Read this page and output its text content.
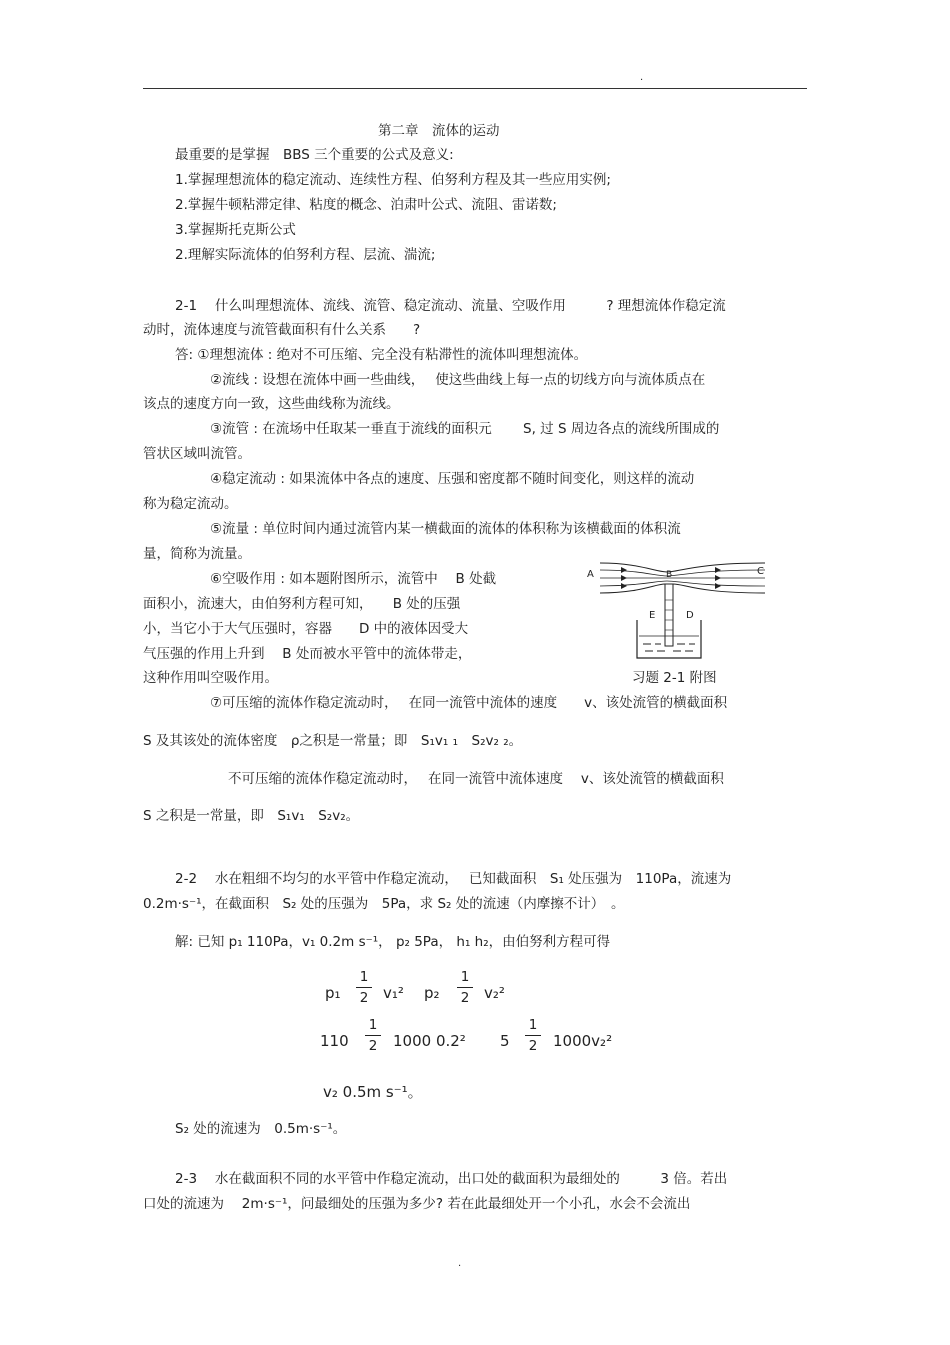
.
第二章　流体的运动
最重要的是掌握　BBS 三个重要的公式及意义:
1.掌握理想流体的稳定流动、连续性方程、伯努利方程及其一些应用实例;
2.掌握牛顿粘滞定律、粘度的概念、泊肃叶公式、流阻、雷诺数;
3.掌握斯托克斯公式
2.理解实际流体的伯努利方程、层流、湍流;
2-1　 什么叫理想流体、流线、流管、稳定流动、流量、空吸作用　　　? 理想流体作稳定流
动时，流体速度与流管截面积有什么关系　　?
答: ①理想流体 : 绝对不可压缩、完全没有粘滞性的流体叫理想流体。
②流线 : 设想在流体中画一些曲线，　 使这些曲线上每一点的切线方向与流体质点在
该点的速度方向一致，这些曲线称为流线。
③流管 : 在流场中任取某一垂直于流线的面积元　　 S, 过 S 周边各点的流线所围成的
管状区域叫流管。
④稳定流动 : 如果流体中各点的速度、压强和密度都不随时间变化，则这样的流动
称为稳定流动。
⑤流量 : 单位时间内通过流管内某一横截面的流体的体积称为该横截面的体积流
量，简称为流量。
⑥空吸作用 : 如本题附图所示，流管中　 B 处截
面积小，流速大，由伯努利方程可知，　　B 处的压强
小，当它小于大气压强时，容器　　D 中的液体因受大
气压强的作用上升到　 B 处而被水平管中的流体带走，
这种作用叫空吸作用。
A	B	C
D
E
习题 2-1 附图
⑦可压缩的流体作稳定流动时，　 在同一流管中流体的速度　　v、该处流管的横截面积
S 及其该处的流体密度　ρ之积是一常量；即　S₁v₁ ₁　S₂v₂ ₂。
不可压缩的流体作稳定流动时，　 在同一流管中流体速度　 v、该处流管的横截面积
S 之积是一常量，即　S₁v₁　S₂v₂。
2-2　 水在粗细不均匀的水平管中作稳定流动，　 已知截面积　S₁ 处压强为　110Pa，流速为
0.2m·s⁻¹，在截面积　S₂ 处的压强为　5Pa，求 S₂ 处的流速（内摩擦不计）　。
解: 已知 p₁ 110Pa，v₁ 0.2m s⁻¹， p₂ 5Pa， h₁ h₂，由伯努利方程可得
p₁
1
2 v₁² p₂
1
2 v₂²
110
1
2 1000 0.2² 5
1
2 1000v₂²
v₂ 0.5m s⁻¹。
S₂ 处的流速为　0.5m·s⁻¹。
2-3　 水在截面积不同的水平管中作稳定流动，出口处的截面积为最细处的　　　3 倍。若出
口处的流速为　 2m·s⁻¹，问最细处的压强为多少? 若在此最细处开一个小孔，水会不会流出
.
